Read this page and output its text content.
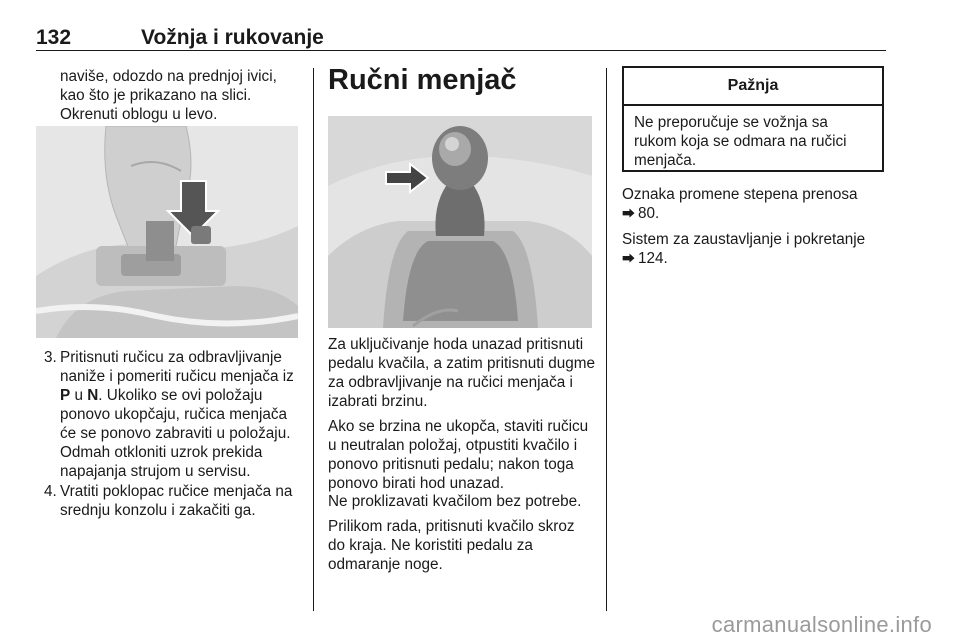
132	Vožnja i rukovanje
naviše, odozdo na prednjoj ivici, kao što je prikazano na slici. Okrenuti oblogu u levo.
3. Pritisnuti ručicu za odbravljivanje naniže i pomeriti ručicu menjača iz P u N. Ukoliko se ovi položaju ponovo ukopčaju, ručica menjača će se ponovo zabraviti u položaju. Odmah otkloniti uzrok prekida napajanja strujom u servisu.
4. Vratiti poklopac ručice menjača na srednju konzolu i zakačiti ga.
Ručni menjač
Za uključivanje hoda unazad pritisnuti pedalu kvačila, a zatim pritisnuti dugme za odbravljivanje na ručici menjača i izabrati brzinu.
Ako se brzina ne ukopča, staviti ručicu u neutralan položaj, otpustiti kvačilo i ponovo pritisnuti pedalu; nakon toga ponovo birati hod unazad.
Ne proklizavati kvačilom bez potrebe.
Prilikom rada, pritisnuti kvačilo skroz do kraja. Ne koristiti pedalu za odmaranje noge.
Pažnja
Ne preporučuje se vožnja sa rukom koja se odmara na ručici menjača.
Oznaka promene stepena prenosa
⮕ 80.
Sistem za zaustavljanje i pokretanje
⮕ 124.
carmanualsonline.info
